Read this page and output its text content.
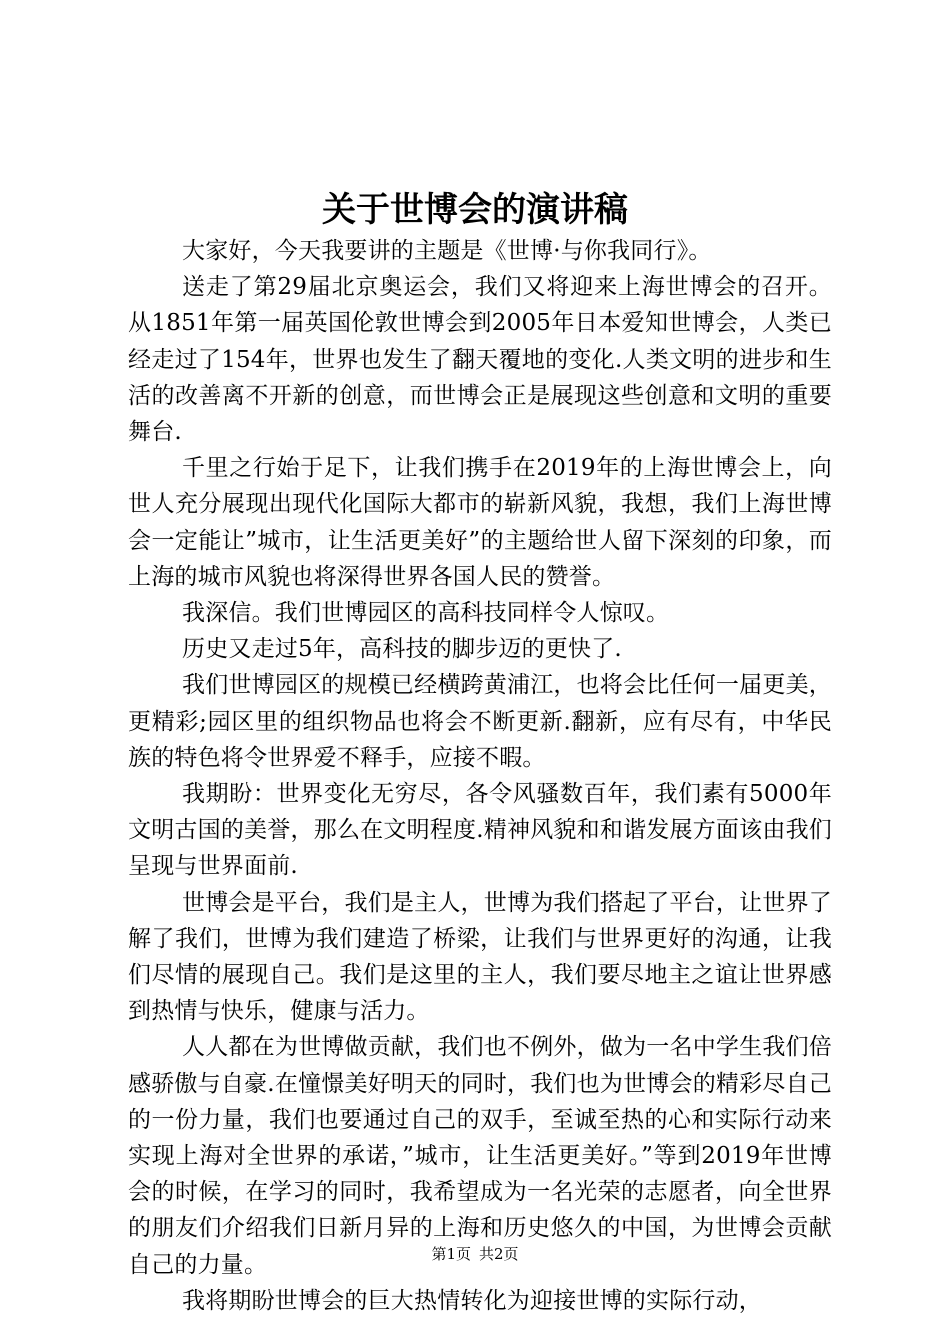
关于世博会的演讲稿

大家好，今天我要讲的主题是《世博·与你我同行》。

送走了第29届北京奥运会，我们又将迎来上海世博会的召开。从1851年第一届英国伦敦世博会到2005年日本爱知世博会，人类已经走过了154年，世界也发生了翻天覆地的变化.人类文明的进步和生活的改善离不开新的创意，而世博会正是展现这些创意和文明的重要舞台.

千里之行始于足下，让我们携手在2019年的上海世博会上，向世人充分展现出现代化国际大都市的崭新风貌，我想，我们上海世博会一定能让”城市，让生活更美好”的主题给世人留下深刻的印象，而上海的城市风貌也将深得世界各国人民的赞誉。

我深信。我们世博园区的高科技同样令人惊叹。

历史又走过5年，高科技的脚步迈的更快了.

我们世博园区的规模已经横跨黄浦江，也将会比任何一届更美，更精彩;园区里的组织物品也将会不断更新.翻新，应有尽有，中华民族的特色将令世界爱不释手，应接不暇。

我期盼：世界变化无穷尽，各令风骚数百年，我们素有5000年文明古国的美誉，那么在文明程度.精神风貌和和谐发展方面该由我们呈现与世界面前.

世博会是平台，我们是主人，世博为我们搭起了平台，让世界了解了我们，世博为我们建造了桥梁，让我们与世界更好的沟通，让我们尽情的展现自己。我们是这里的主人，我们要尽地主之谊让世界感到热情与快乐，健康与活力。

人人都在为世博做贡献，我们也不例外，做为一名中学生我们倍感骄傲与自豪.在憧憬美好明天的同时，我们也为世博会的精彩尽自己的一份力量，我们也要通过自己的双手，至诚至热的心和实际行动来实现上海对全世界的承诺，”城市，让生活更美好。”等到2019年世博会的时候，在学习的同时，我希望成为一名光荣的志愿者，向全世界的朋友们介绍我们日新月异的上海和历史悠久的中国，为世博会贡献自己的力量。

我将期盼世博会的巨大热情转化为迎接世博的实际行动，

第1页 共2页
